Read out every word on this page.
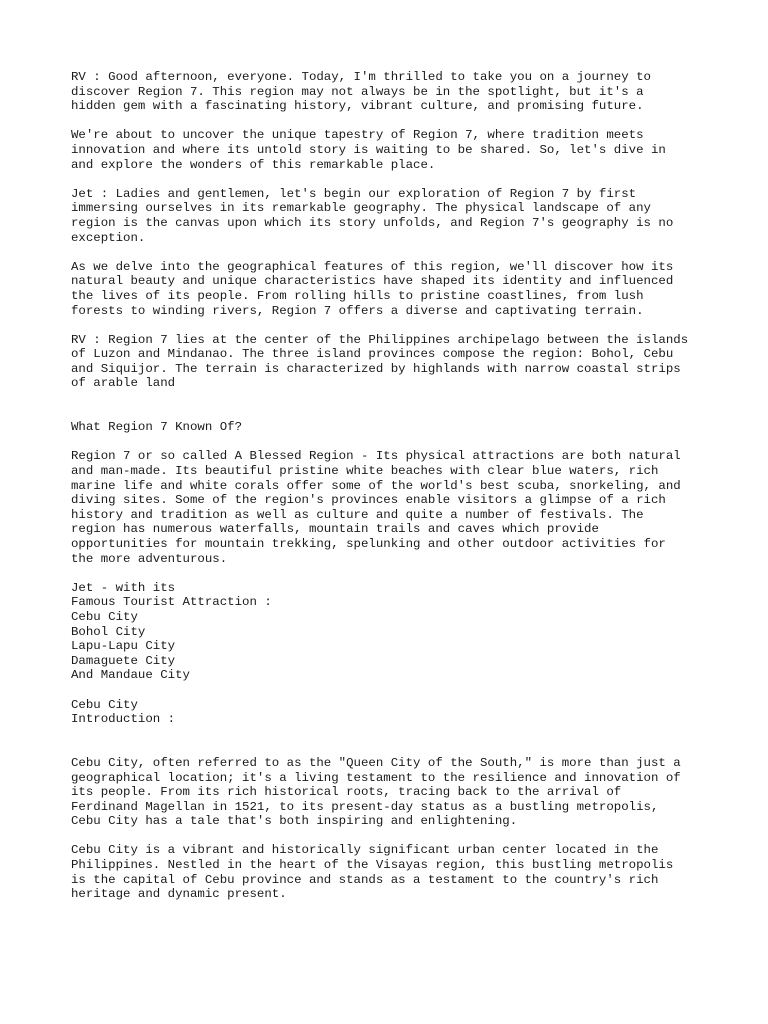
RV : Good afternoon, everyone. Today, I'm thrilled to take you on a journey to
discover Region 7. This region may not always be in the spotlight, but it's a
hidden gem with a fascinating history, vibrant culture, and promising future.

We're about to uncover the unique tapestry of Region 7, where tradition meets
innovation and where its untold story is waiting to be shared. So, let's dive in
and explore the wonders of this remarkable place.

Jet : Ladies and gentlemen, let's begin our exploration of Region 7 by first
immersing ourselves in its remarkable geography. The physical landscape of any
region is the canvas upon which its story unfolds, and Region 7's geography is no
exception.

As we delve into the geographical features of this region, we'll discover how its
natural beauty and unique characteristics have shaped its identity and influenced
the lives of its people. From rolling hills to pristine coastlines, from lush
forests to winding rivers, Region 7 offers a diverse and captivating terrain.

RV : Region 7 lies at the center of the Philippines archipelago between the islands
of Luzon and Mindanao. The three island provinces compose the region: Bohol, Cebu
and Siquijor. The terrain is characterized by highlands with narrow coastal strips
of arable land

What Region 7 Known Of?

Region 7 or so called A Blessed Region - Its physical attractions are both natural
and man-made. Its beautiful pristine white beaches with clear blue waters, rich
marine life and white corals offer some of the world's best scuba, snorkeling, and
diving sites. Some of the region's provinces enable visitors a glimpse of a rich
history and tradition as well as culture and quite a number of festivals. The
region has numerous waterfalls, mountain trails and caves which provide
opportunities for mountain trekking, spelunking and other outdoor activities for
the more adventurous.

Jet - with its
Famous Tourist Attraction :
Cebu City
Bohol City
Lapu-Lapu City
Damaguete City
And Mandaue City

Cebu City
Introduction :

Cebu City, often referred to as the "Queen City of the South," is more than just a
geographical location; it's a living testament to the resilience and innovation of
its people. From its rich historical roots, tracing back to the arrival of
Ferdinand Magellan in 1521, to its present-day status as a bustling metropolis,
Cebu City has a tale that's both inspiring and enlightening.

Cebu City is a vibrant and historically significant urban center located in the
Philippines. Nestled in the heart of the Visayas region, this bustling metropolis
is the capital of Cebu province and stands as a testament to the country's rich
heritage and dynamic present.
